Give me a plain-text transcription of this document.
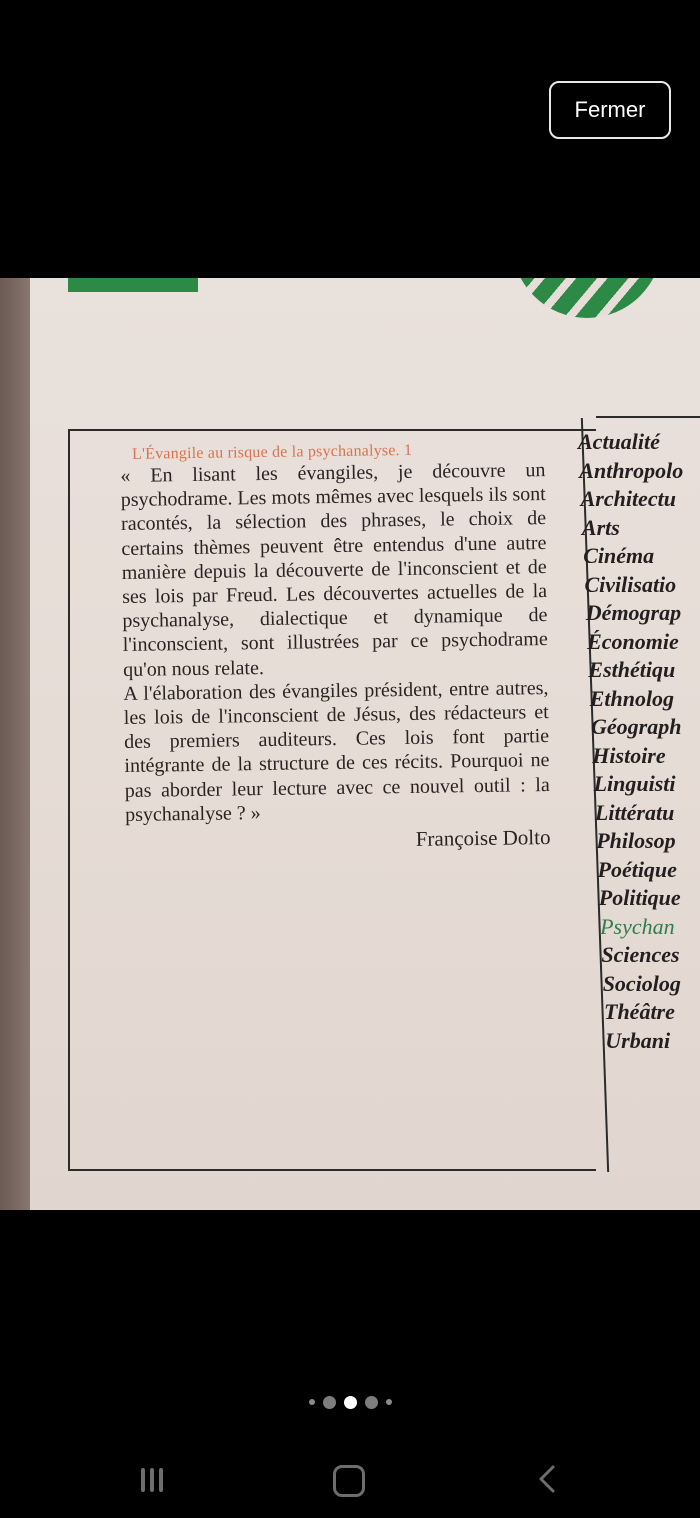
Fermer
L'Évangile au risque de la psychanalyse. 1

« En lisant les évangiles, je découvre un psychodrame. Les mots mêmes avec lesquels ils sont racontés, la sélection des phrases, le choix de certains thèmes peuvent être entendus d'une autre manière depuis la découverte de l'inconscient et de ses lois par Freud. Les découvertes actuelles de la psychanalyse, dialectique et dynamique de l'inconscient, sont illustrées par ce psychodrame qu'on nous relate.

A l'élaboration des évangiles président, entre autres, les lois de l'inconscient de Jésus, des rédacteurs et des premiers auditeurs. Ces lois font partie intégrante de la structure de ces récits. Pourquoi ne pas aborder leur lecture avec ce nouvel outil : la psychanalyse ? »

Françoise Dolto
Actualité
Anthropolo
Architectu
Arts
Cinéma
Civilisatio
Démograp
Économie
Esthétiqu
Ethnolog
Géograph
Histoire
Linguisti
Littératu
Philosop
Poétique
Politique
Psychan
Sciences
Sociolog
Théâtre
Urbani
